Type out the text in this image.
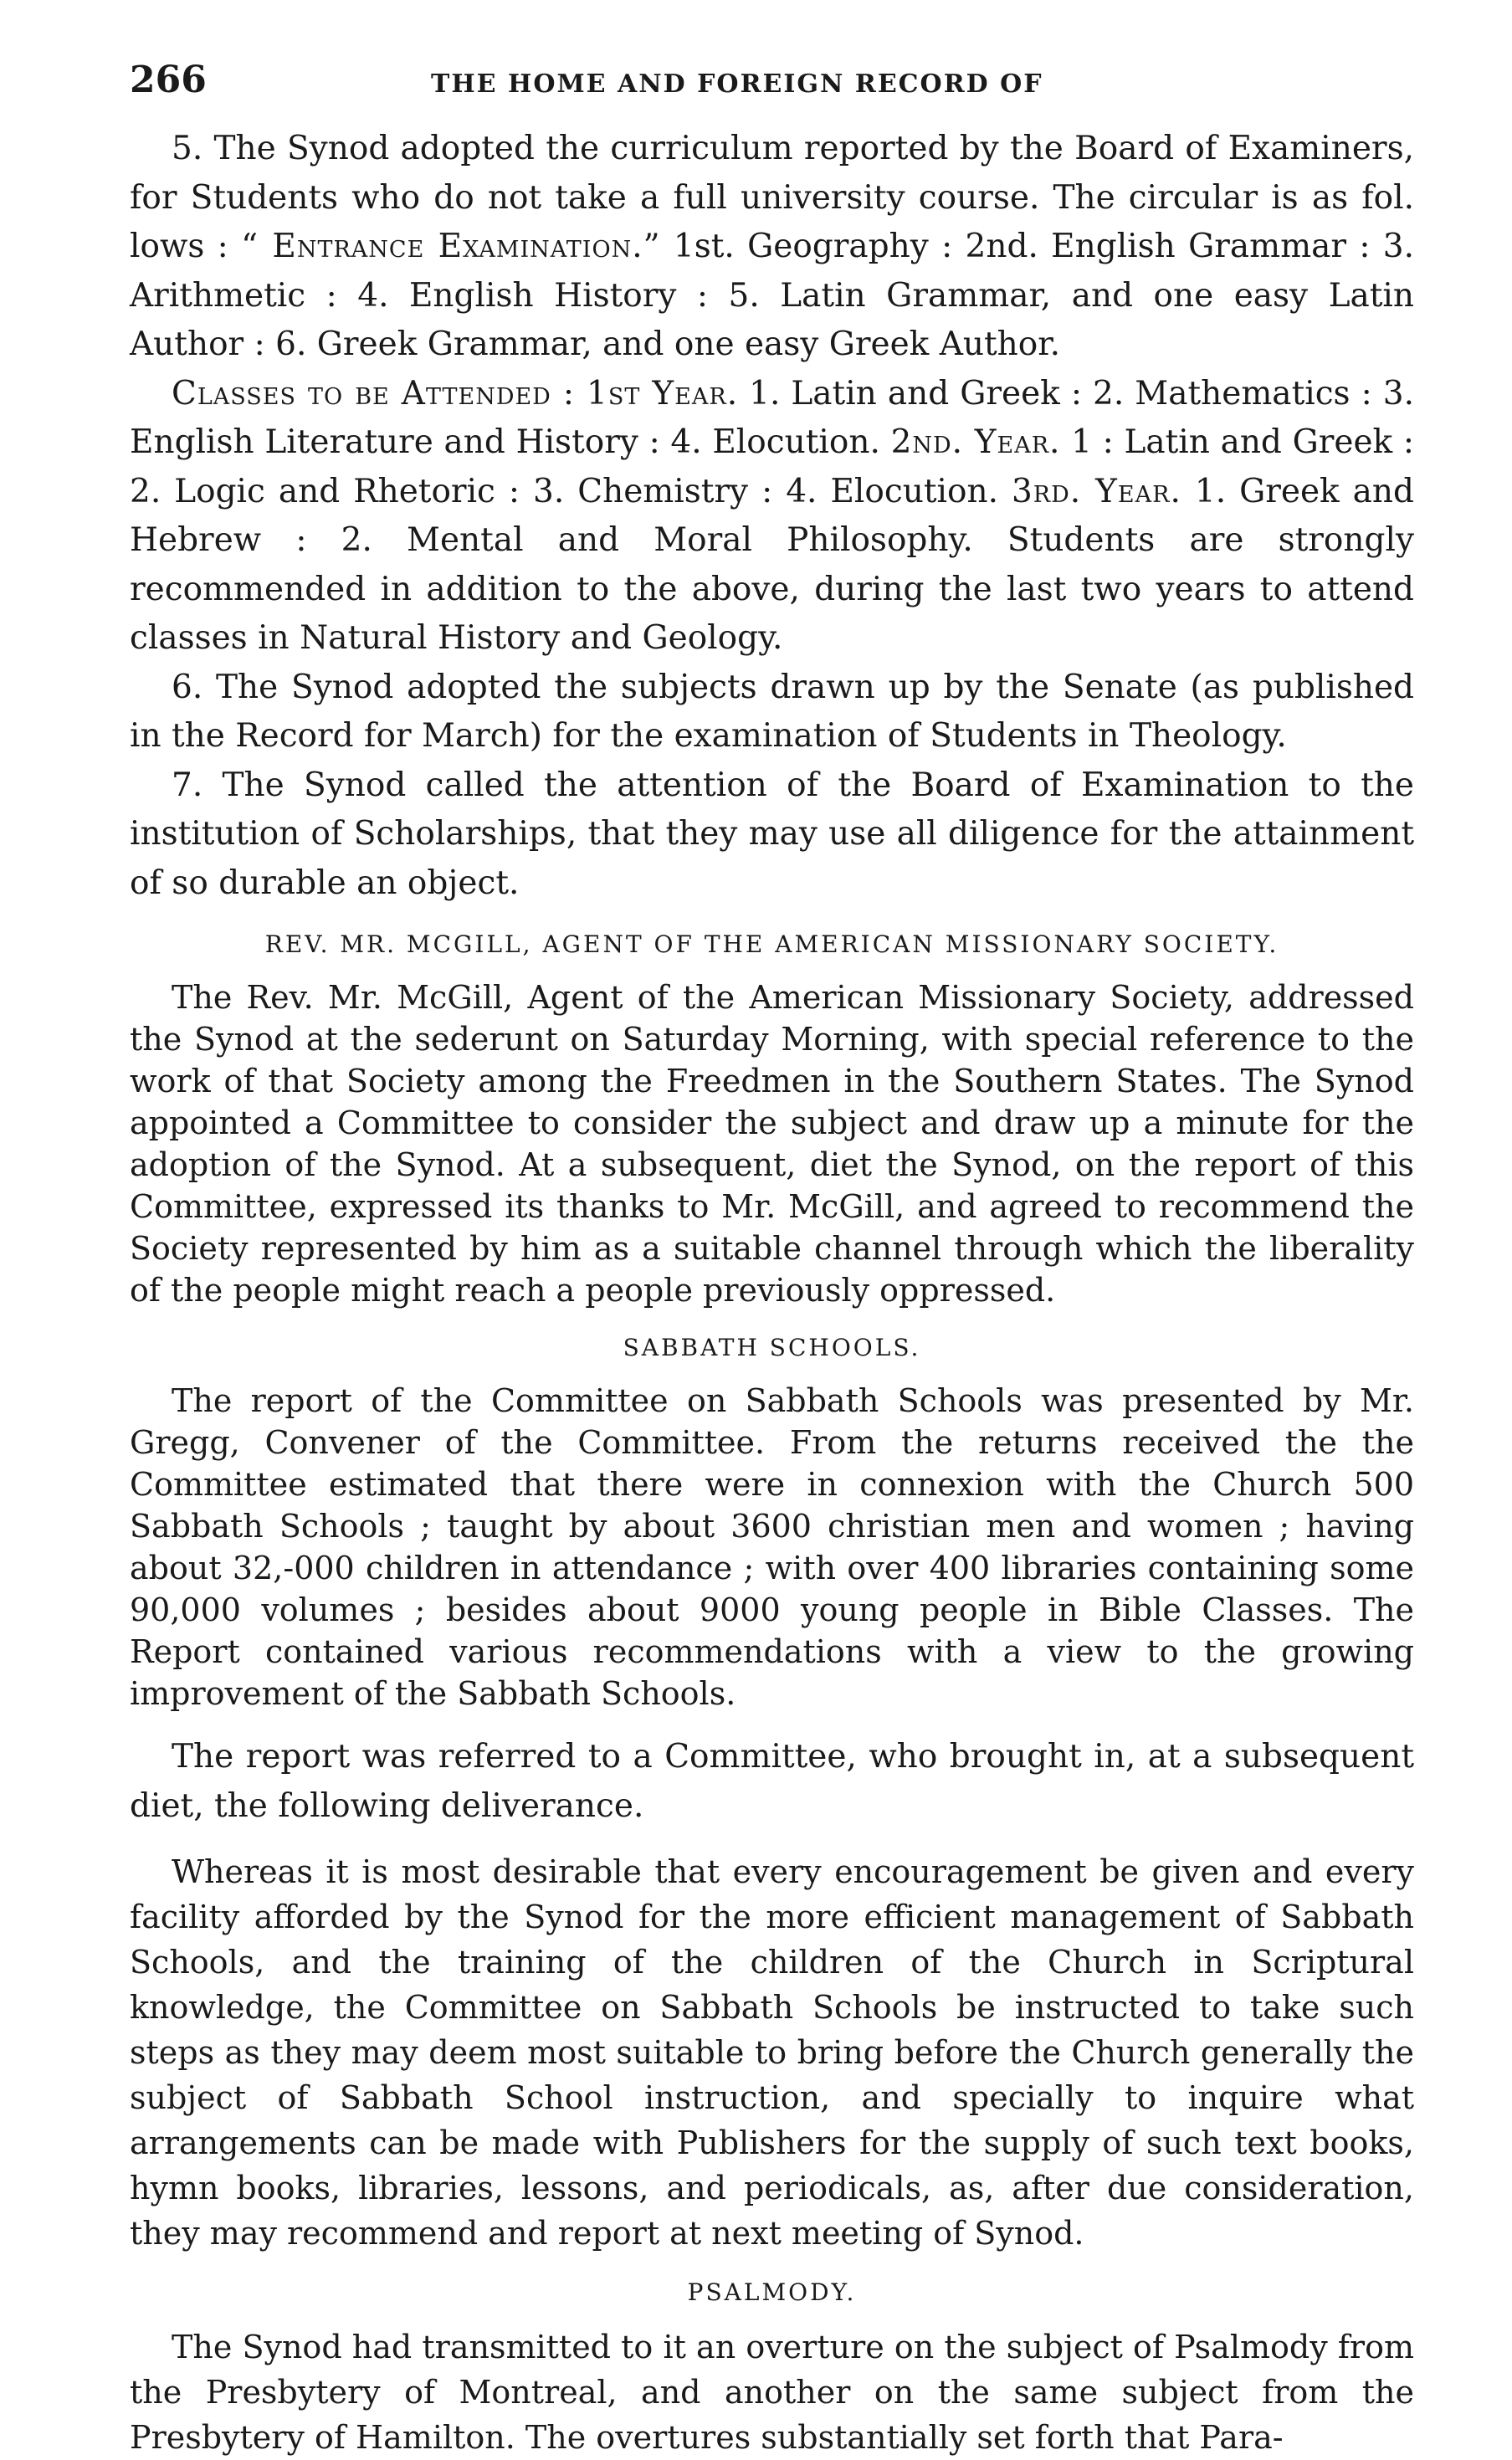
266	THE HOME AND FOREIGN RECORD OF

5. The Synod adopted the curriculum reported by the Board of Examiners, for Students who do not take a full university course. The circular is as fol. lows : “ Entrance Examination.” 1st. Geography : 2nd. English Grammar : 3. Arithmetic : 4. English History : 5. Latin Grammar, and one easy Latin Author : 6. Greek Grammar, and one easy Greek Author.

Classes to be Attended : 1st Year. 1. Latin and Greek : 2. Mathematics : 3. English Literature and History : 4. Elocution. 2nd. Year. 1 : Latin and Greek : 2. Logic and Rhetoric : 3. Chemistry : 4. Elocution. 3rd. Year. 1. Greek and Hebrew : 2. Mental and Moral Philosophy. Students are strongly recommended in addition to the above, during the last two years to attend classes in Natural History and Geology.

6. The Synod adopted the subjects drawn up by the Senate (as published in the Record for March) for the examination of Students in Theology.

7. The Synod called the attention of the Board of Examination to the institution of Scholarships, that they may use all diligence for the attainment of so durable an object.

REV. MR. MCGILL, AGENT OF THE AMERICAN MISSIONARY SOCIETY.

The Rev. Mr. McGill, Agent of the American Missionary Society, addressed the Synod at the sederunt on Saturday Morning, with special reference to the work of that Society among the Freedmen in the Southern States. The Synod appointed a Committee to consider the subject and draw up a minute for the adoption of the Synod. At a subsequent, diet the Synod, on the report of this Committee, expressed its thanks to Mr. McGill, and agreed to recommend the Society represented by him as a suitable channel through which the liberality of the people might reach a people previously oppressed.

SABBATH SCHOOLS.

The report of the Committee on Sabbath Schools was presented by Mr. Gregg, Convener of the Committee. From the returns received the the Committee estimated that there were in connexion with the Church 500 Sabbath Schools ; taught by about 3600 christian men and women ; having about 32,-000 children in attendance ; with over 400 libraries containing some 90,000 volumes ; besides about 9000 young people in Bible Classes. The Report contained various recommendations with a view to the growing improvement of the Sabbath Schools.

The report was referred to a Committee, who brought in, at a subsequent diet, the following deliverance.

Whereas it is most desirable that every encouragement be given and every facility afforded by the Synod for the more efficient management of Sabbath Schools, and the training of the children of the Church in Scriptural knowledge, the Committee on Sabbath Schools be instructed to take such steps as they may deem most suitable to bring before the Church generally the subject of Sabbath School instruction, and specially to inquire what arrangements can be made with Publishers for the supply of such text books, hymn books, libraries, lessons, and periodicals, as, after due consideration, they may recommend and report at next meeting of Synod.

PSALMODY.

The Synod had transmitted to it an overture on the subject of Psalmody from the Presbytery of Montreal, and another on the same subject from the Presbytery of Hamilton. The overtures substantially set forth that Para-
